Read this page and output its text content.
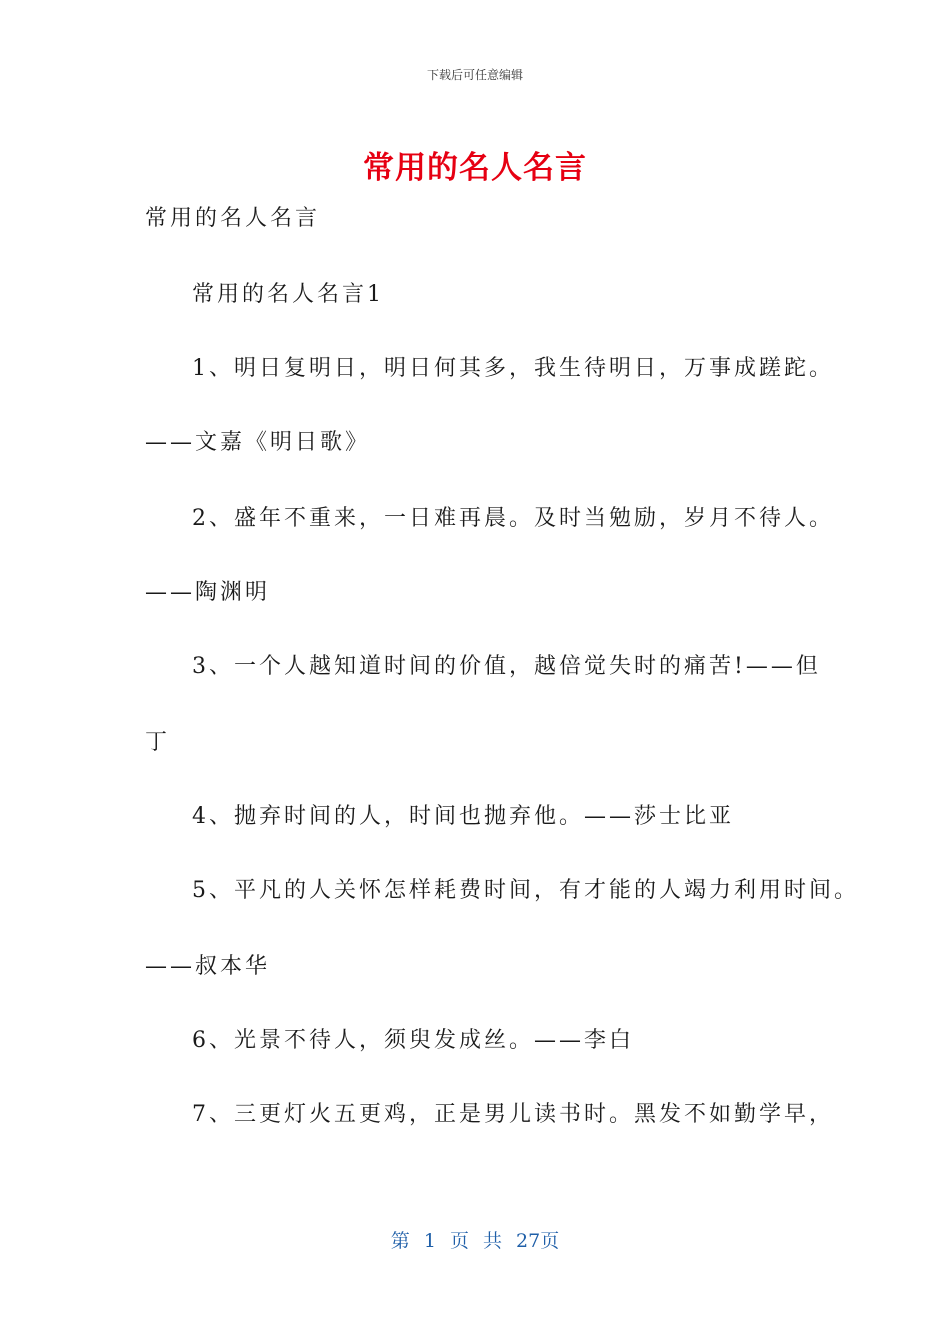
下载后可任意编辑
常用的名人名言
常用的名人名言
常用的名人名言1
1、明日复明日，明日何其多，我生待明日，万事成蹉跎。
——文嘉《明日歌》
2、盛年不重来，一日难再晨。及时当勉励，岁月不待人。
——陶渊明
3、一个人越知道时间的价值，越倍觉失时的痛苦!——但
丁
4、抛弃时间的人，时间也抛弃他。——莎士比亚
5、平凡的人关怀怎样耗费时间，有才能的人竭力利用时间。
——叔本华
6、光景不待人，须臾发成丝。——李白
7、三更灯火五更鸡，正是男儿读书时。黑发不如勤学早，
第 1 页 共 27页
